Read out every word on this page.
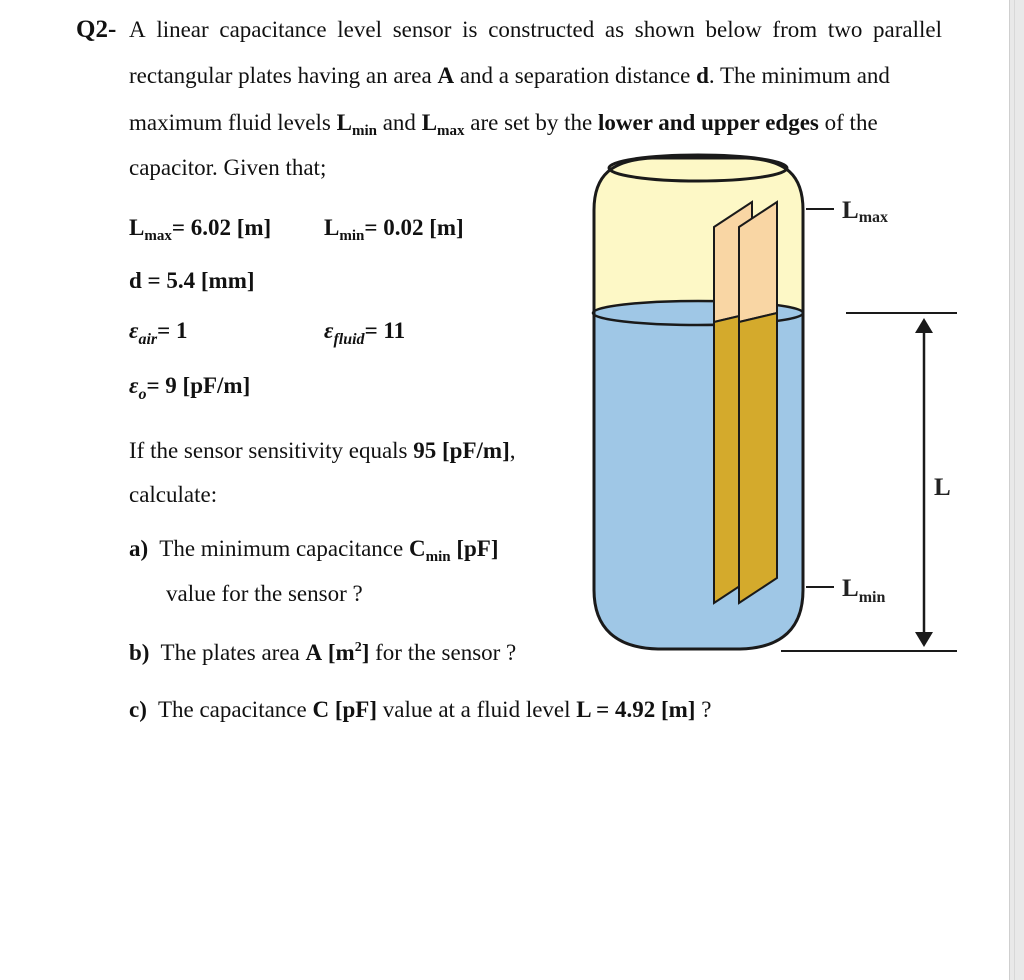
Q2- A linear capacitance level sensor is constructed as shown below from two parallel
rectangular plates having an area A and a separation distance d. The minimum and
maximum fluid levels $L_{min}$ and $L_{max}$ are set by the lower and upper edges of the
capacitor. Given that;
$L_{max}= 6.02$ [m] $L_{min}= 0.02$ [m]
d = 5.4 [mm]
$\varepsilon_{air}= 1$	$\varepsilon_{fluid}= 11$
$\varepsilon_o= 9$ [pF/m]
If the sensor sensitivity equals 95 [pF/m],
calculate:
a) The minimum capacitance $C_{min}$ [pF]
value for the sensor ?
b) The plates area A $[m^2]$ for the sensor ?
c) The capacitance C [pF] value at a fluid level L = 4.92 [m] ?
Lmax
$L_{min}$
L
